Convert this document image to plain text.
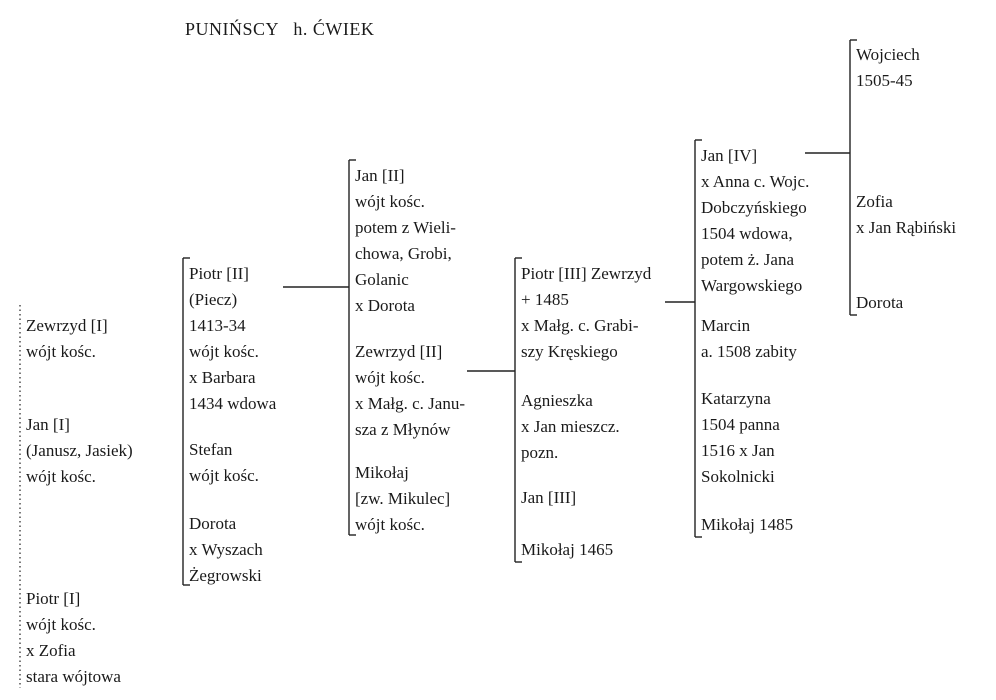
PUNIŃSCY   h. ĆWIEK
Zewrzyd [I]
wójt kośc.
Jan [I]
(Janusz, Jasiek)
wójt kośc.
Piotr [I]
wójt kośc.
x Zofia
stara wójtowa
Piotr [II]
(Piecz)
1413-34
wójt kośc.
x Barbara
1434 wdowa
Stefan
wójt kośc.
Dorota
x Wyszach
Żegrowski
Jan [II]
wójt kośc.
potem z Wieli-
chowa, Grobi,
Golanic
x Dorota
Zewrzyd [II]
wójt kośc.
x Małg. c. Janu-
sza z Młynów
Mikołaj
[zw. Mikulec]
wójt kośc.
Piotr [III] Zewrzyd
+ 1485
x Małg. c. Grabi-
szy Kręskiego
Agnieszka
x Jan mieszcz.
pozn.
Jan [III]
Mikołaj 1465
Jan [IV]
x Anna c. Wojc.
Dobczyńskiego
1504 wdowa,
potem ż. Jana
Wargowskiego
Marcin
a. 1508 zabity
Katarzyna
1504 panna
1516 x Jan
Sokolnicki
Mikołaj 1485
Wojciech
1505-45
Zofia
x Jan Rąbiński
Dorota
